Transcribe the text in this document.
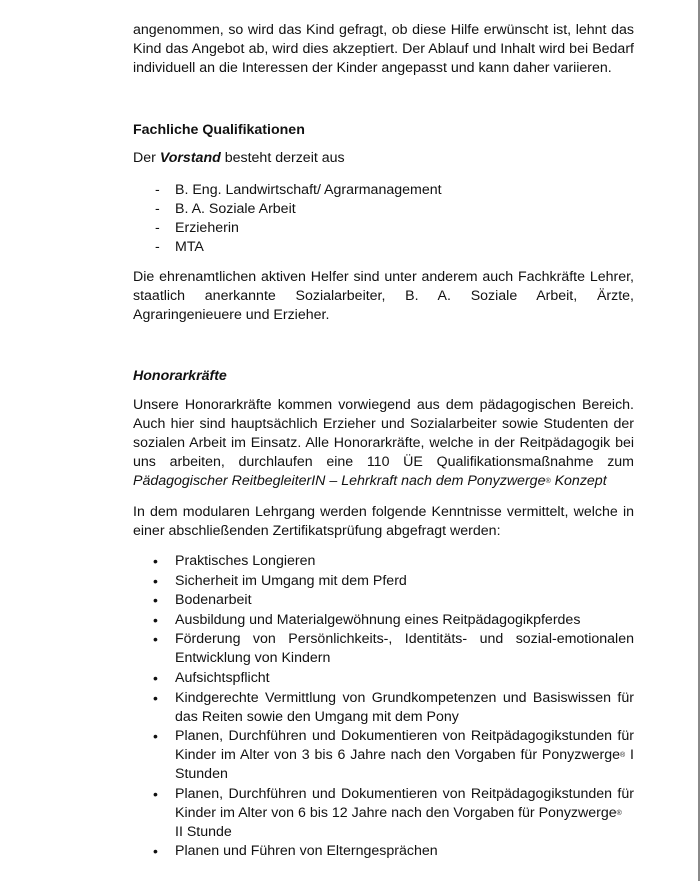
angenommen, so wird das Kind gefragt, ob diese Hilfe erwünscht ist, lehnt das
Kind das Angebot ab, wird dies akzeptiert. Der Ablauf und Inhalt wird bei Bedarf
individuell an die Interessen der Kinder angepasst und kann daher variieren.

Fachliche Qualifikationen

Der Vorstand besteht derzeit aus

- B. Eng. Landwirtschaft/ Agrarmanagement
- B. A. Soziale Arbeit
- Erzieherin
- MTA

Die ehrenamtlichen aktiven Helfer sind unter anderem auch Fachkräfte Lehrer,
staatlich anerkannte Sozialarbeiter, B. A. Soziale Arbeit, Ärzte,
Agraringenieuere und Erzieher.

Honorarkräfte

Unsere Honorarkräfte kommen vorwiegend aus dem pädagogischen Bereich.
Auch hier sind hauptsächlich Erzieher und Sozialarbeiter sowie Studenten der
sozialen Arbeit im Einsatz. Alle Honorarkräfte, welche in der Reitpädagogik bei
uns arbeiten, durchlaufen eine 110 ÜE Qualifikationsmaßnahme zum
Pädagogischer ReitbegleiterIN – Lehrkraft nach dem Ponyzwerge® Konzept

In dem modularen Lehrgang werden folgende Kenntnisse vermittelt, welche in
einer abschließenden Zertifikatsprüfung abgefragt werden:

• Praktisches Longieren
• Sicherheit im Umgang mit dem Pferd
• Bodenarbeit
• Ausbildung und Materialgewöhnung eines Reitpädagogikpferdes
• Förderung von Persönlichkeits-, Identitäts- und sozial-emotionalen
Entwicklung von Kindern
• Aufsichtspflicht
• Kindgerechte Vermittlung von Grundkompetenzen und Basiswissen für
das Reiten sowie den Umgang mit dem Pony
• Planen, Durchführen und Dokumentieren von Reitpädagogikstunden für
Kinder im Alter von 3 bis 6 Jahre nach den Vorgaben für Ponyzwerge® I
Stunden
• Planen, Durchführen und Dokumentieren von Reitpädagogikstunden für
Kinder im Alter von 6 bis 12 Jahre nach den Vorgaben für Ponyzwerge®
II Stunde
• Planen und Führen von Elterngesprächen
